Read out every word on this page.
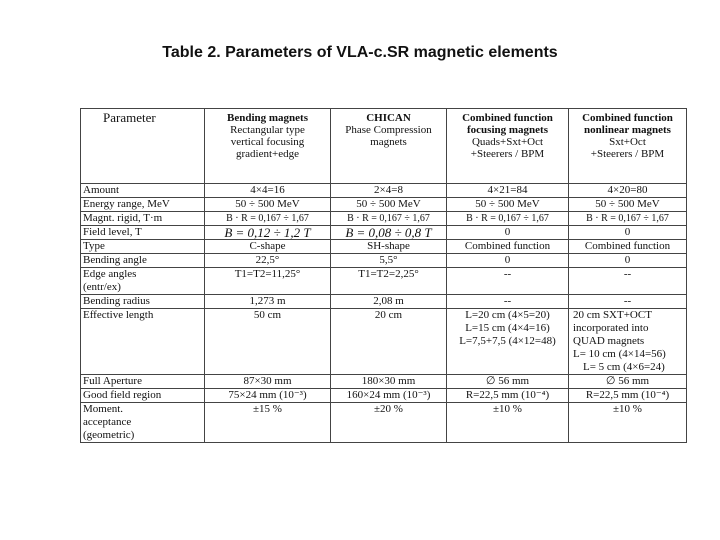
Table 2. Parameters of VLA-c.SR magnetic elements
Parameter	Bending magnets
Rectangular type
vertical focusing
gradient+edge	CHICAN
Phase Compression
magnets	Combined function
focusing magnets
Quads+Sxt+Oct
+Steerers / BPM	Combined function
nonlinear magnets
Sxt+Oct
+Steerers / BPM

Amount	4×4=16	2×4=8	4×21=84	4×20=80
Energy range, MeV	50 ÷ 500 MeV	50 ÷ 500 MeV	50 ÷ 500 MeV	50 ÷ 500 MeV
Magnt. rigid, T·m	B · R = 0,167 ÷ 1,67	B · R = 0,167 ÷ 1,67	B · R = 0,167 ÷ 1,67	B · R = 0,167 ÷ 1,67
Field level, T	B = 0,12 ÷ 1,2 T	B = 0,08 ÷ 0,8 T	0	0
Type	C-shape	SH-shape	Combined function	Combined function
Bending angle	22,5°	5,5°	0	0

Edge angles
(entr/ex)	T1=T2=11,25°	T1=T2=2,25°	--	--
Bending radius	1,273 m	2,08 m	--	--
Effective length	50 cm	20 cm	L=20 cm (4×5=20)
L=15 cm (4×4=16)
L=7,5+7,5 (4×12=48)	20 cm SXT+OCT
incorporated into
QUAD magnets
L= 10 cm (4×14=56)
L= 5 cm (4×6=24)

Full Aperture	87×30 mm	180×30 mm	∅ 56 mm	∅ 56 mm
Good field region	75×24 mm (10⁻³)	160×24 mm (10⁻³)	R=22,5 mm (10⁻⁴)	R=22,5 mm (10⁻⁴)

Moment.
acceptance
(geometric)	±15 %	±20 %	±10 %	±10 %
